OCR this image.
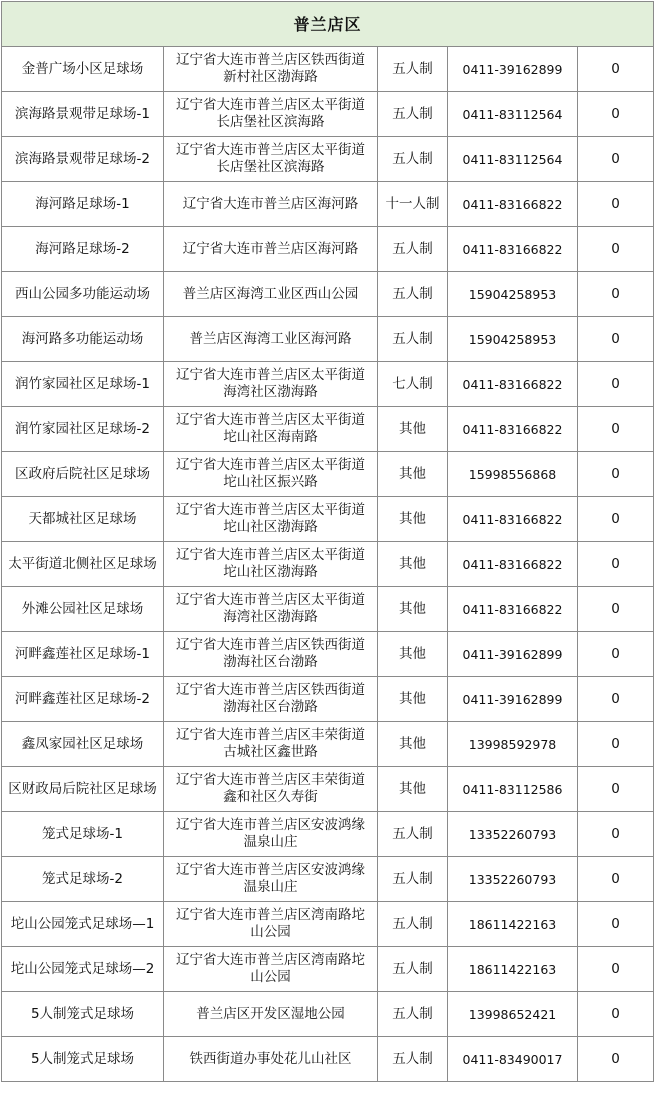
普兰店区				
金普广场小区足球场	辽宁省大连市普兰店区铁西街道新村社区渤海路	五人制	0411-39162899	0
滨海路景观带足球场-1	辽宁省大连市普兰店区太平街道长店堡社区滨海路	五人制	0411-83112564	0
滨海路景观带足球场-2	辽宁省大连市普兰店区太平街道长店堡社区滨海路	五人制	0411-83112564	0
海河路足球场-1	辽宁省大连市普兰店区海河路	十一人制	0411-83166822	0
海河路足球场-2	辽宁省大连市普兰店区海河路	五人制	0411-83166822	0
西山公园多功能运动场	普兰店区海湾工业区西山公园	五人制	15904258953	0
海河路多功能运动场	普兰店区海湾工业区海河路	五人制	15904258953	0
润竹家园社区足球场-1	辽宁省大连市普兰店区太平街道海湾社区渤海路	七人制	0411-83166822	0
润竹家园社区足球场-2	辽宁省大连市普兰店区太平街道坨山社区海南路	其他	0411-83166822	0
区政府后院社区足球场	辽宁省大连市普兰店区太平街道坨山社区振兴路	其他	15998556868	0
天都城社区足球场	辽宁省大连市普兰店区太平街道坨山社区渤海路	其他	0411-83166822	0
太平街道北侧社区足球场	辽宁省大连市普兰店区太平街道坨山社区渤海路	其他	0411-83166822	0
外滩公园社区足球场	辽宁省大连市普兰店区太平街道海湾社区渤海路	其他	0411-83166822	0
河畔鑫莲社区足球场-1	辽宁省大连市普兰店区铁西街道渤海社区台渤路	其他	0411-39162899	0
河畔鑫莲社区足球场-2	辽宁省大连市普兰店区铁西街道渤海社区台渤路	其他	0411-39162899	0
鑫凤家园社区足球场	辽宁省大连市普兰店区丰荣街道古城社区鑫世路	其他	13998592978	0
区财政局后院社区足球场	辽宁省大连市普兰店区丰荣街道鑫和社区久寿街	其他	0411-83112586	0
笼式足球场-1	辽宁省大连市普兰店区安波鸿缘温泉山庄	五人制	13352260793	0
笼式足球场-2	辽宁省大连市普兰店区安波鸿缘温泉山庄	五人制	13352260793	0
坨山公园笼式足球场—1	辽宁省大连市普兰店区湾南路坨山公园	五人制	18611422163	0
坨山公园笼式足球场—2	辽宁省大连市普兰店区湾南路坨山公园	五人制	18611422163	0
5人制笼式足球场	普兰店区开发区湿地公园	五人制	13998652421	0
5人制笼式足球场	铁西街道办事处花儿山社区	五人制	0411-83490017	0
